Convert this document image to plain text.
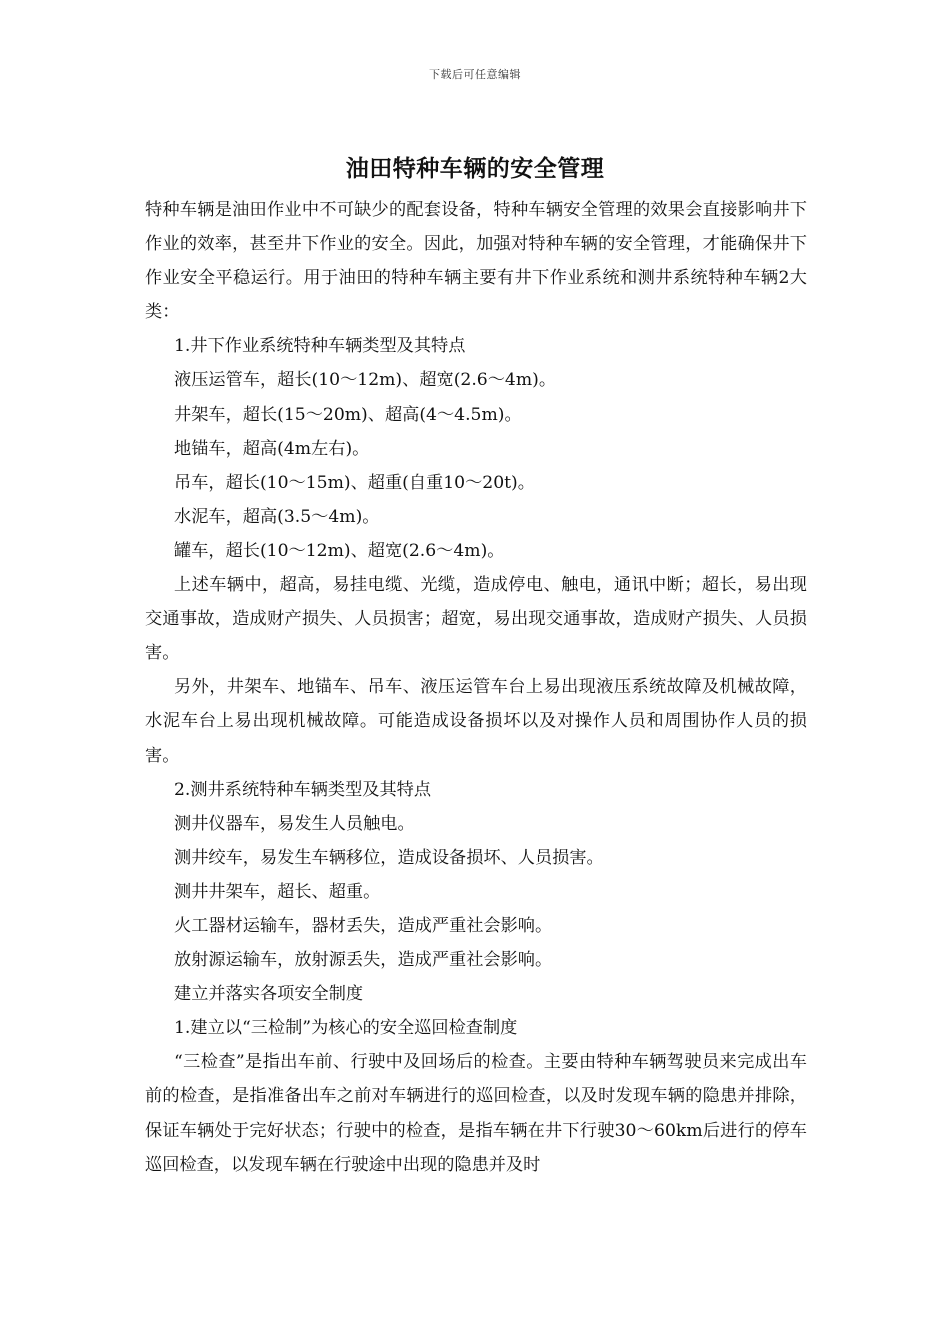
下载后可任意编辑
油田特种车辆的安全管理

特种车辆是油田作业中不可缺少的配套设备，特种车辆安全管理的效果会直接影响井下作业的效率，甚至井下作业的安全。因此，加强对特种车辆的安全管理，才能确保井下作业安全平稳运行。用于油田的特种车辆主要有井下作业系统和测井系统特种车辆2大类：

1.井下作业系统特种车辆类型及其特点

液压运管车，超长(10～12m)、超宽(2.6～4m)。

井架车，超长(15～20m)、超高(4～4.5m)。

地锚车，超高(4m左右)。

吊车，超长(10～15m)、超重(自重10～20t)。

水泥车，超高(3.5～4m)。

罐车，超长(10～12m)、超宽(2.6～4m)。

上述车辆中，超高，易挂电缆、光缆，造成停电、触电，通讯中断；超长，易出现交通事故，造成财产损失、人员损害；超宽，易出现交通事故，造成财产损失、人员损害。

另外，井架车、地锚车、吊车、液压运管车台上易出现液压系统故障及机械故障，水泥车台上易出现机械故障。可能造成设备损坏以及对操作人员和周围协作人员的损害。

2.测井系统特种车辆类型及其特点

测井仪器车，易发生人员触电。

测井绞车，易发生车辆移位，造成设备损坏、人员损害。

测井井架车，超长、超重。

火工器材运输车，器材丢失，造成严重社会影响。

放射源运输车，放射源丢失，造成严重社会影响。

建立并落实各项安全制度

1.建立以“三检制”为核心的安全巡回检查制度

“三检查”是指出车前、行驶中及回场后的检查。主要由特种车辆驾驶员来完成出车前的检查，是指准备出车之前对车辆进行的巡回检查，以及时发现车辆的隐患并排除，保证车辆处于完好状态；行驶中的检查，是指车辆在井下行驶30～60km后进行的停车巡回检查，以发现车辆在行驶途中出现的隐患并及时
